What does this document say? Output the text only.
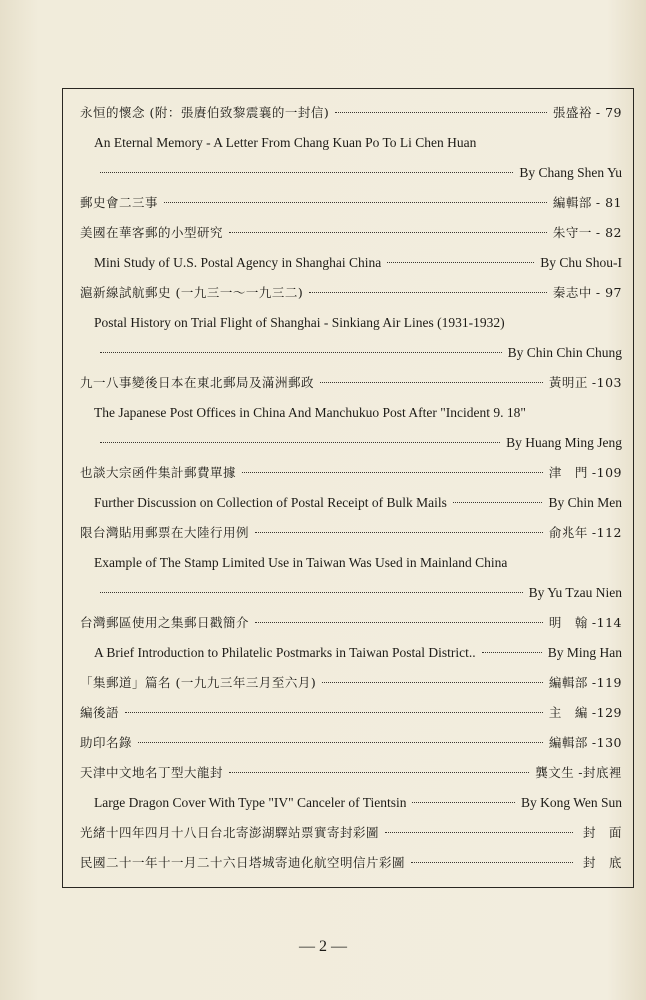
永恒的懷念 (附：張賡伯致黎震襄的一封信)	張盛裕 - 79
An Eternal Memory - A Letter From Chang Kuan Po To Li Chen Huan
By Chang Shen Yu
郵史會二三事	編輯部 - 81
美國在華客郵的小型研究	朱守一 - 82
Mini Study of U.S. Postal Agency in Shanghai China	By Chu Shou-I
滬新線試航郵史 (一九三一～一九三二)	秦志中 - 97
Postal History on Trial Flight of Shanghai - Sinkiang Air Lines (1931-1932)
By Chin Chin Chung
九一八事變後日本在東北郵局及滿洲郵政	黃明正 -103
The Japanese Post Offices in China And Manchukuo Post After "Incident 9. 18"
By Huang Ming Jeng
也談大宗函件集計郵費單據	津　門 -109
Further Discussion on Collection of Postal Receipt of Bulk Mails	By Chin Men
限台灣貼用郵票在大陸行用例	俞兆年 -112
Example of The Stamp Limited Use in Taiwan Was Used in Mainland China
By Yu Tzau Nien
台灣郵區使用之集郵日戳簡介	明　翰 -114
A Brief Introduction to Philatelic Postmarks in Taiwan Postal District..	By Ming Han
「集郵道」篇名 (一九九三年三月至六月)	編輯部 -119
編後語	主　編 -129
助印名錄	編輯部 -130
天津中文地名丁型大龍封	龔文生 -封底裡
Large Dragon Cover With Type "IV" Canceler of Tientsin	By Kong Wen Sun
光緒十四年四月十八日台北寄澎湖驛站票實寄封彩圖	封　面
民國二十一年十一月二十六日塔城寄迪化航空明信片彩圖	封　底
— 2 —
